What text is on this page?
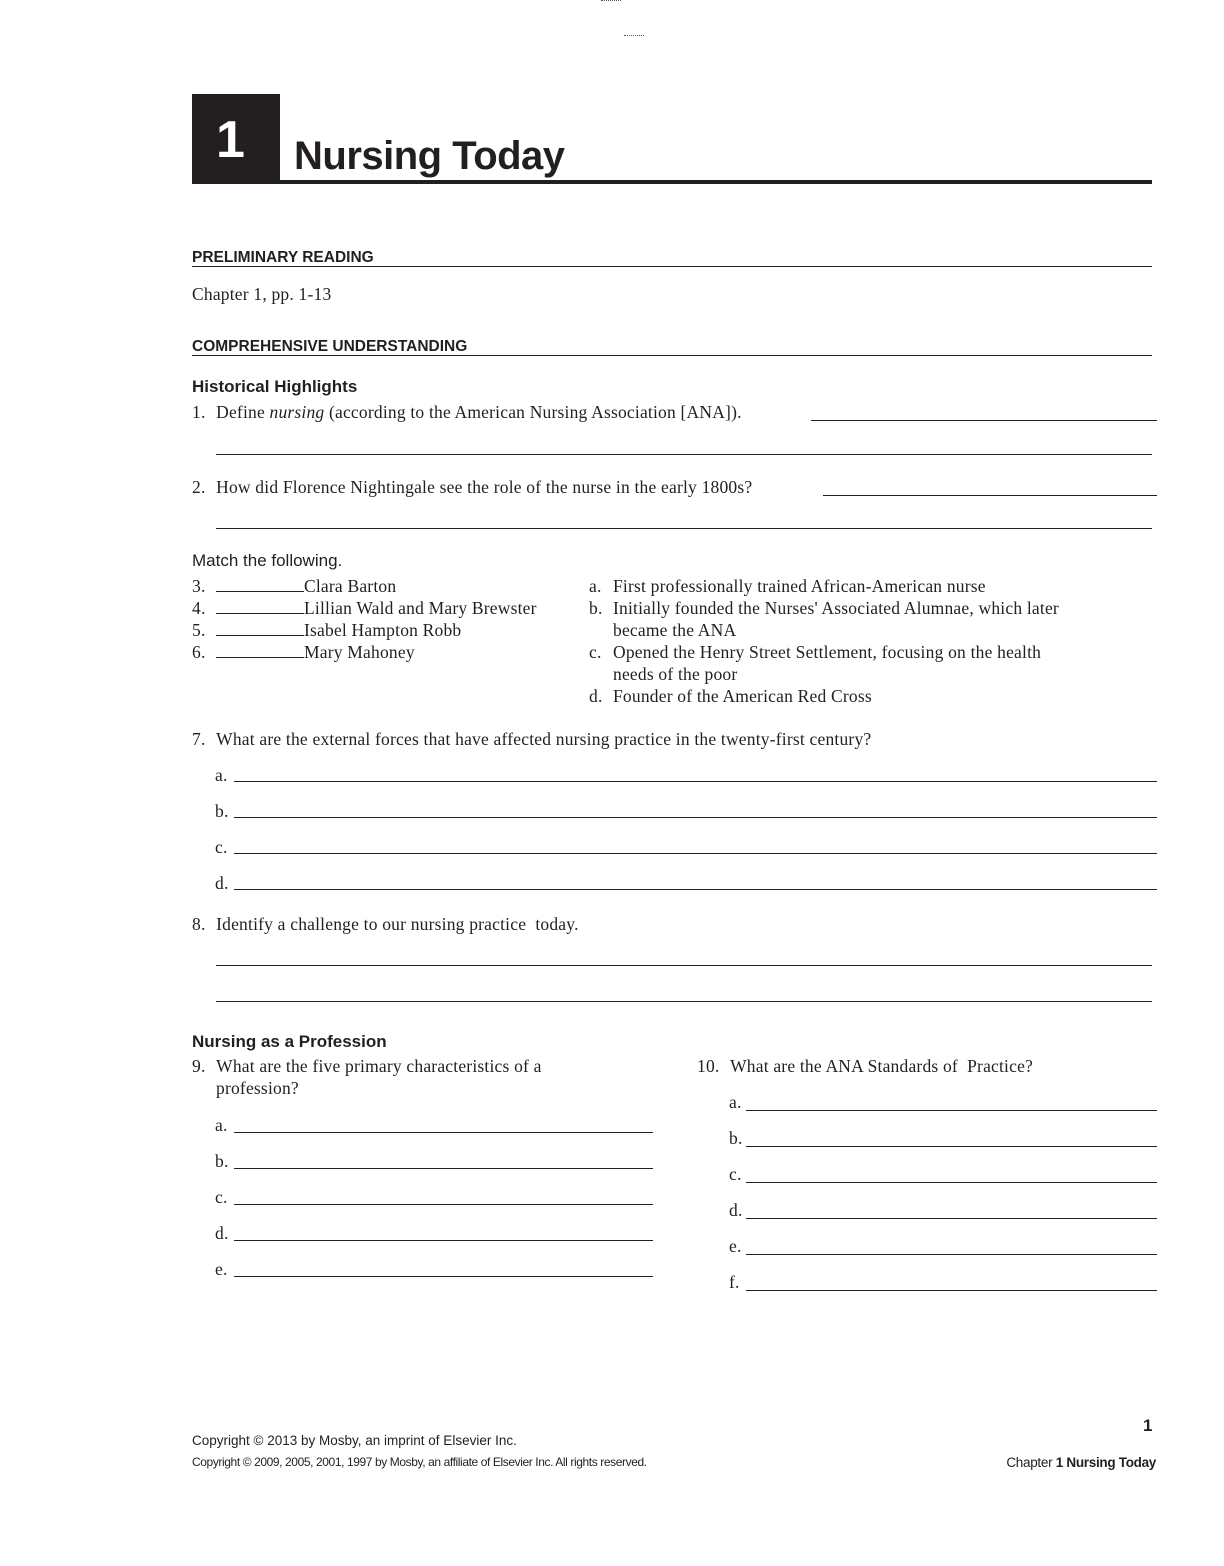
1 Nursing Today
PRELIMINARY READING
Chapter 1, pp. 1-13
COMPREHENSIVE UNDERSTANDING
Historical Highlights
1. Define nursing (according to the American Nursing Association [ANA]).
2. How did Florence Nightingale see the role of the nurse in the early 1800s?
Match the following.
3.	Clara Barton
4.	Lillian Wald and Mary Brewster
5.	Isabel Hampton Robb
6.	Mary Mahoney
a. First professionally trained African-American nurse
b. Initially founded the Nurses' Associated Alumnae, which later
became the ANA
c. Opened the Henry Street Settlement, focusing on the health
needs of the poor
d. Founder of the American Red Cross
7. What are the external forces that have affected nursing practice in the twenty-first century?
a.
b.
c.
d.
8. Identify a challenge to our nursing practice  today.
Nursing as a Profession
9. What are the five primary characteristics of a
profession?
a.
b.
c.
d.
e.
10. What are the ANA Standards of  Practice?
a.
b.
c.
d.
e.
f.
1
Copyright © 2013 by Mosby, an imprint of Elsevier Inc.
Copyright © 2009, 2005, 2001, 1997 by Mosby, an affiliate of Elsevier Inc. All rights reserved.	Chapter 1 Nursing Today
